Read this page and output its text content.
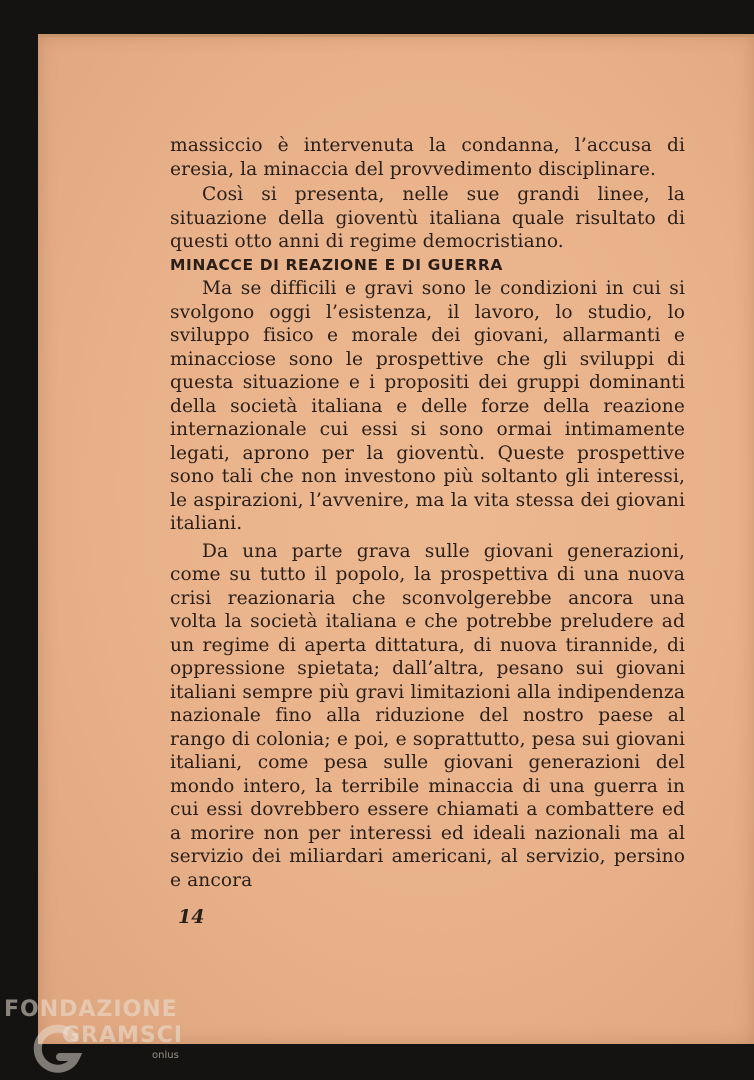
massiccio è intervenuta la condanna, l’accusa di eresia, la minaccia del provvedimento disciplinare.

Così si presenta, nelle sue grandi linee, la situazione della gioventù italiana quale risultato di questi otto anni di regime democristiano.

MINACCE DI REAZIONE E DI GUERRA

Ma se difficili e gravi sono le condizioni in cui si svolgono oggi l’esistenza, il lavoro, lo studio, lo sviluppo fisico e morale dei giovani, allarmanti e minacciose sono le prospettive che gli sviluppi di questa situazione e i propositi dei gruppi dominanti della società italiana e delle forze della reazione internazionale cui essi si sono ormai intimamente legati, aprono per la gioventù. Queste prospettive sono tali che non investono più soltanto gli interessi, le aspirazioni, l’avvenire, ma la vita stessa dei giovani italiani.

Da una parte grava sulle giovani generazioni, come su tutto il popolo, la prospettiva di una nuova crisi reazionaria che sconvolgerebbe ancora una volta la società italiana e che potrebbe preludere ad un regime di aperta dittatura, di nuova tirannide, di oppressione spietata; dall’altra, pesano sui giovani italiani sempre più gravi limitazioni alla indipendenza nazionale fino alla riduzione del nostro paese al rango di colonia; e poi, e soprattutto, pesa sui giovani italiani, come pesa sulle giovani generazioni del mondo intero, la terribile minaccia di una guerra in cui essi dovrebbero essere chiamati a combattere ed a morire non per interessi ed ideali nazionali ma al servizio dei miliardari americani, al servizio, persino e ancora

14
FONDAZIONE
GRAMSCI
onlus
